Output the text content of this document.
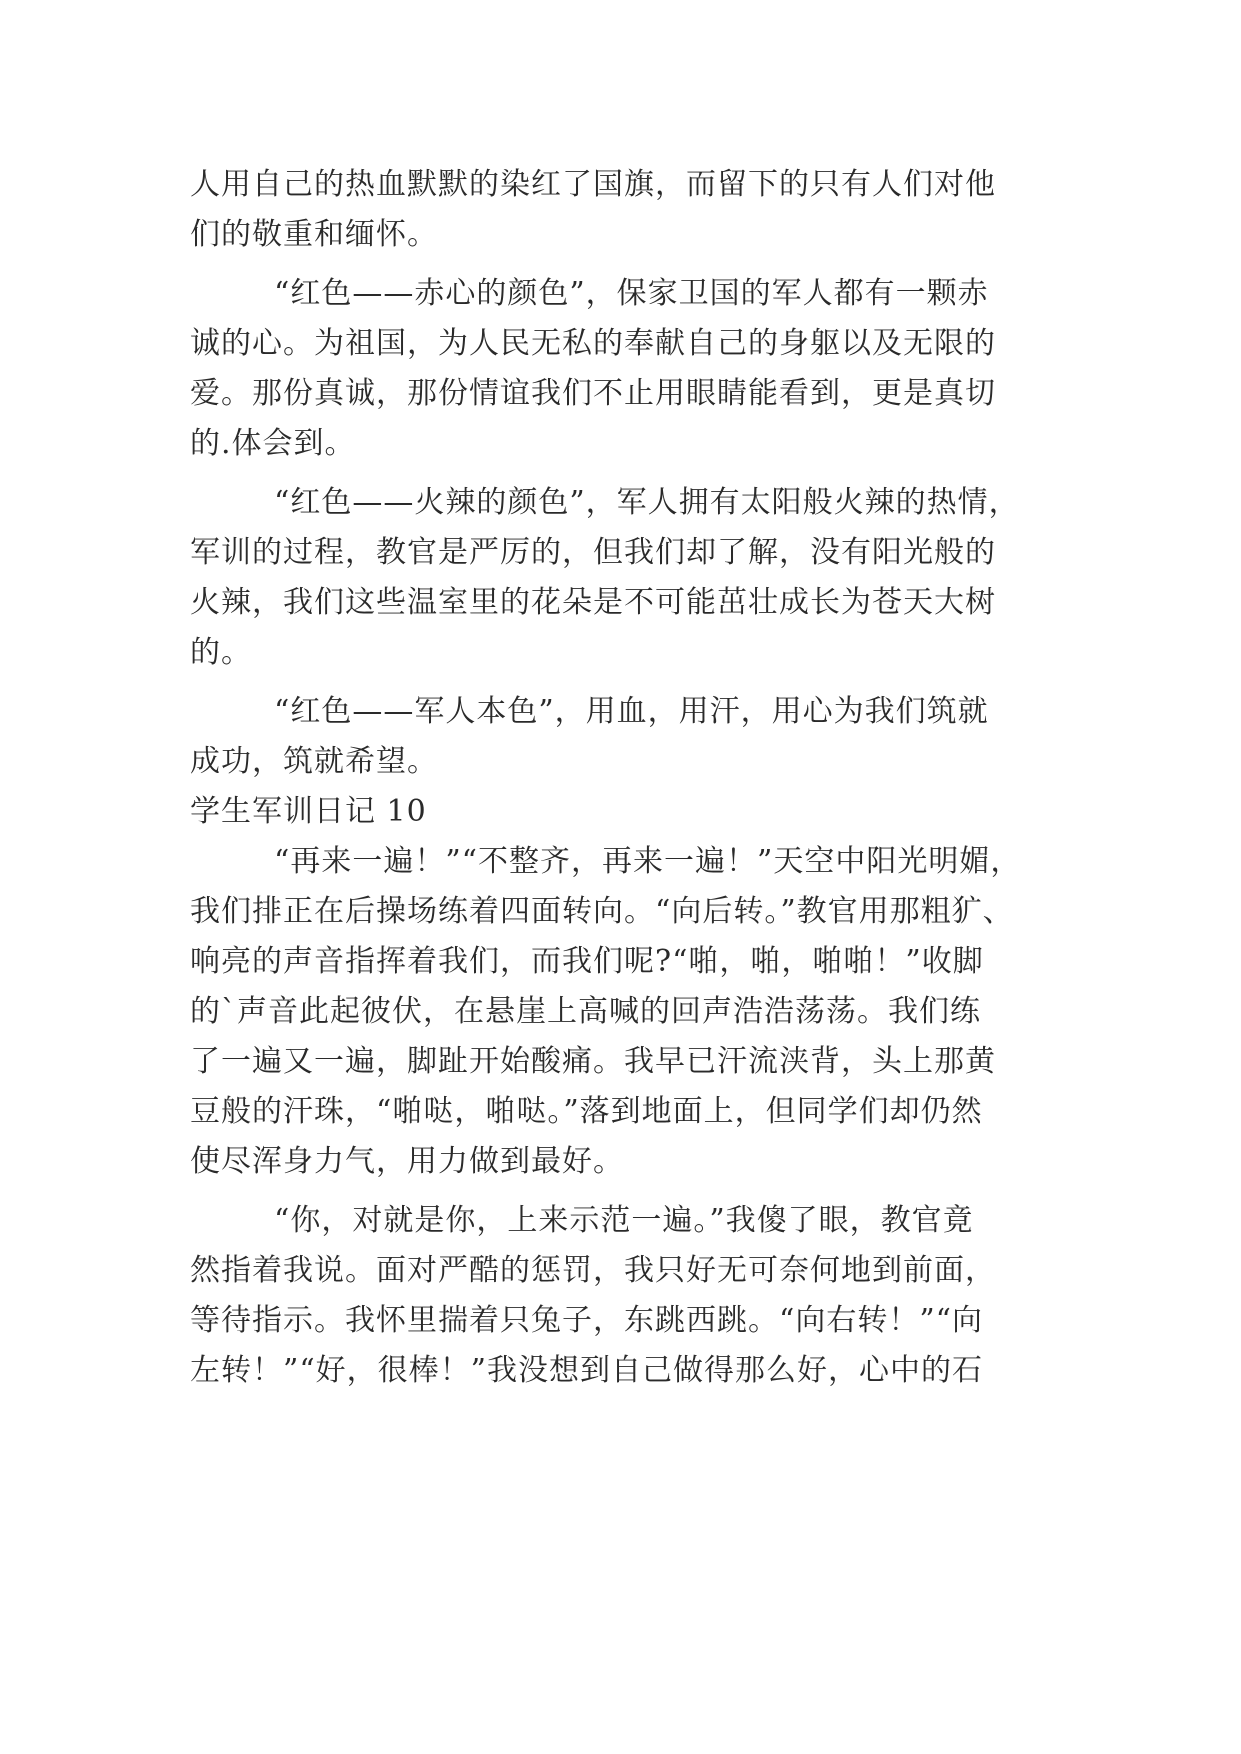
人用自己的热血默默的染红了国旗，而留下的只有人们对他
们的敬重和缅怀。
“红色——赤心的颜色”，保家卫国的军人都有一颗赤
诚的心。为祖国，为人民无私的奉献自己的身躯以及无限的
爱。那份真诚，那份情谊我们不止用眼睛能看到，更是真切
的.体会到。
“红色——火辣的颜色”，军人拥有太阳般火辣的热情，
军训的过程，教官是严厉的，但我们却了解，没有阳光般的
火辣，我们这些温室里的花朵是不可能茁壮成长为苍天大树
的。
“红色——军人本色”，用血，用汗，用心为我们筑就
成功，筑就希望。
学生军训日记 10
“再来一遍！”“不整齐，再来一遍！”天空中阳光明媚，
我们排正在后操场练着四面转向。“向后转。”教官用那粗犷、
响亮的声音指挥着我们，而我们呢?“啪，啪，啪啪！”收脚
的`声音此起彼伏，在悬崖上高喊的回声浩浩荡荡。我们练
了一遍又一遍，脚趾开始酸痛。我早已汗流浃背，头上那黄
豆般的汗珠，“啪哒，啪哒。”落到地面上，但同学们却仍然
使尽浑身力气，用力做到最好。
“你，对就是你，上来示范一遍。”我傻了眼，教官竟
然指着我说。面对严酷的惩罚，我只好无可奈何地到前面，
等待指示。我怀里揣着只兔子，东跳西跳。“向右转！”“向
左转！”“好，很棒！”我没想到自己做得那么好，心中的石
